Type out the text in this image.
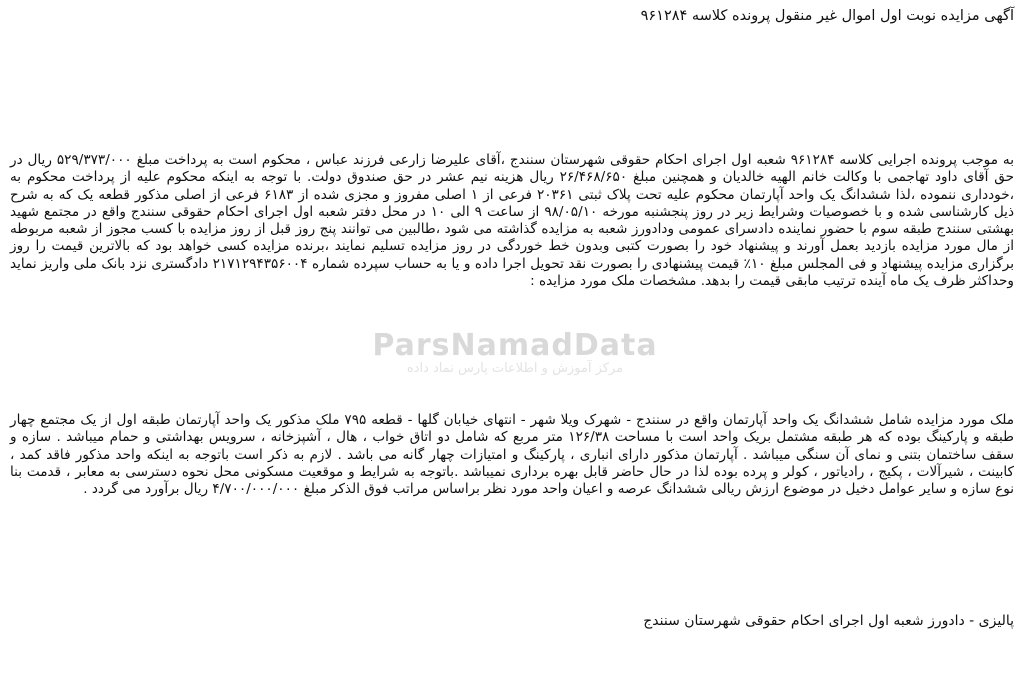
آگهی مزایده نوبت اول اموال غیر منقول پرونده کلاسه ۹۶۱۲۸۴
به موجب پرونده اجرایی کلاسه ۹۶۱۲۸۴ شعبه اول اجرای احکام حقوقی شهرستان سنندج ،آقای علیرضا زارعی فرزند عباس ، محکوم است به پرداخت مبلغ ۵۲۹/۳۷۳/۰۰۰ ریال در حق آقای داود تهاجمی با وکالت خانم الهیه خالدیان و همچنین مبلغ ۲۶/۴۶۸/۶۵۰ ریال هزینه نیم عشر در حق صندوق دولت. با توجه به اینکه محکوم علیه از پرداخت محکوم به ،خودداری ننموده ،لذا ششدانگ یک واحد آپارتمان محکوم علیه تحت پلاک ثبتی ۲۰۳۶۱ فرعی از ۱ اصلی مفروز و مجزی شده از ۶۱۸۳ فرعی از اصلی مذکور قطعه یک که به شرح ذیل کارشناسی شده و با خصوصیات وشرایط زیر در روز پنجشنبه مورخه ۹۸/۰۵/۱۰ از ساعت ۹ الی ۱۰ در محل دفتر شعبه اول اجرای احکام حقوقی سنندج واقع در مجتمع شهید بهشتی سنندج طبقه سوم با حضور نماینده دادسرای عمومی ودادورز شعبه به مزایده گذاشته می شود ،طالبین می توانند پنج روز قبل از روز مزایده با کسب مجوز از شعبه مربوطه از مال مورد مزایده بازدید بعمل آورند و پیشنهاد خود را بصورت کتبی وبدون خط خوردگی در روز مزایده تسلیم نمایند ،برنده مزایده کسی خواهد بود که بالاترین قیمت را روز برگزاری مزایده پیشنهاد و فی المجلس مبلغ ۱۰٪ قیمت پیشنهادی را بصورت نقد تحویل اجرا داده و یا به حساب سپرده شماره ۲۱۷۱۲۹۴۳۵۶۰۰۴ دادگستری نزد بانک ملی واریز نماید وحداکثر ظرف یک ماه آینده ترتیب مابقی قیمت را بدهد. مشخصات ملک مورد مزایده :
ParsNamadData
مرکز آموزش و اطلاعات پارس نماد داده
ملک مورد مزایده شامل ششدانگ یک واحد آپارتمان واقع در سنندج - شهرک ویلا شهر - انتهای خیابان گلها - قطعه ۷۹۵ ملک مذکور یک واحد آپارتمان طبقه اول از یک مجتمع چهار طبقه و پارکینگ بوده که هر طبقه مشتمل بریک واحد است با مساحت ۱۲۶/۳۸ متر مربع که شامل دو اتاق خواب ، هال ، آشپزخانه ، سرویس بهداشتی و حمام میباشد . سازه و سقف ساختمان بتنی و نمای آن سنگی میباشد . آپارتمان مذکور دارای انباری ، پارکینگ و امتیازات چهار گانه می باشد . لازم به ذکر است باتوجه به اینکه واحد مذکور فاقد کمد ، کابینت ، شیرآلات ، پکیج ، رادیاتور ، کولر و پرده بوده لذا در حال حاضر قابل بهره برداری نمیباشد .باتوجه به شرایط و موقعیت مسکونی محل نحوه دسترسی به معابر ، قدمت بنا نوع سازه و سایر عوامل دخیل در موضوع ارزش ریالی ششدانگ عرصه و اعیان واحد مورد نظر براساس مراتب فوق الذکر مبلغ ۴/۷۰۰/۰۰۰/۰۰۰ ریال برآورد می گردد .
پالیزی - دادورز شعبه اول اجرای احکام حقوقی شهرستان سنندج
